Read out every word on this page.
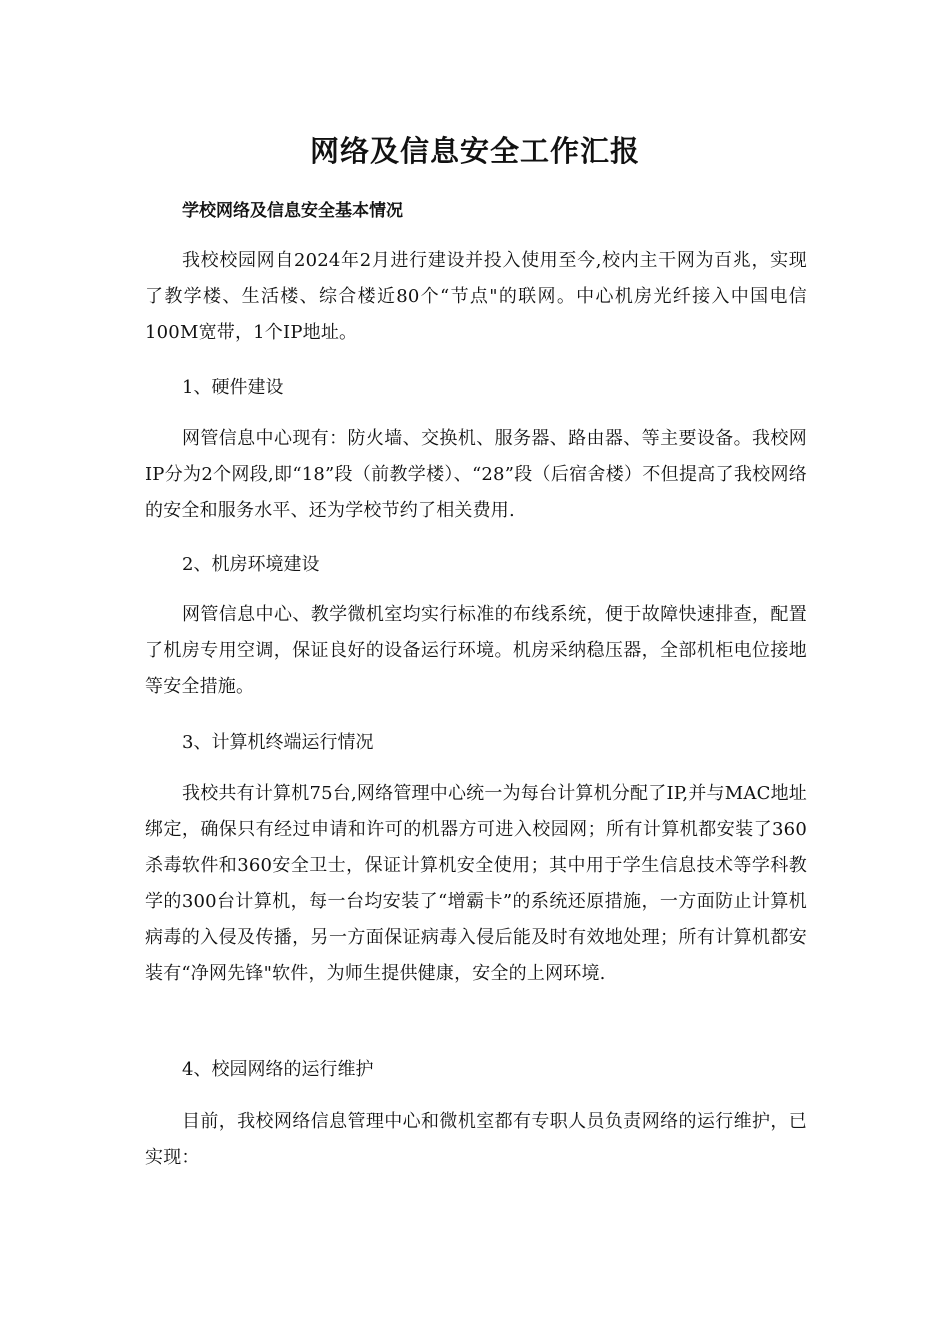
网络及信息安全工作汇报
学校网络及信息安全基本情况

我校校园网自2024年2月进行建设并投入使用至今,校内主干网为百兆，实现了教学楼、生活楼、综合楼近80个“节点"的联网。中心机房光纤接入中国电信100M宽带，1个IP地址。

1、硬件建设

网管信息中心现有：防火墙、交换机、服务器、路由器、等主要设备。我校网IP分为2个网段,即“18”段（前教学楼）、“28”段（后宿舍楼）不但提高了我校网络的安全和服务水平、还为学校节约了相关费用.

2、机房环境建设

网管信息中心、教学微机室均实行标准的布线系统，便于故障快速排查，配置了机房专用空调，保证良好的设备运行环境。机房采纳稳压器，全部机柜电位接地等安全措施。

3、计算机终端运行情况

我校共有计算机75台,网络管理中心统一为每台计算机分配了IP,并与MAC地址绑定，确保只有经过申请和许可的机器方可进入校园网；所有计算机都安装了360杀毒软件和360安全卫士，保证计算机安全使用；其中用于学生信息技术等学科教学的300台计算机，每一台均安装了“增霸卡”的系统还原措施，一方面防止计算机病毒的入侵及传播，另一方面保证病毒入侵后能及时有效地处理；所有计算机都安装有“净网先锋"软件，为师生提供健康，安全的上网环境.

4、校园网络的运行维护

目前，我校网络信息管理中心和微机室都有专职人员负责网络的运行维护，已实现：
